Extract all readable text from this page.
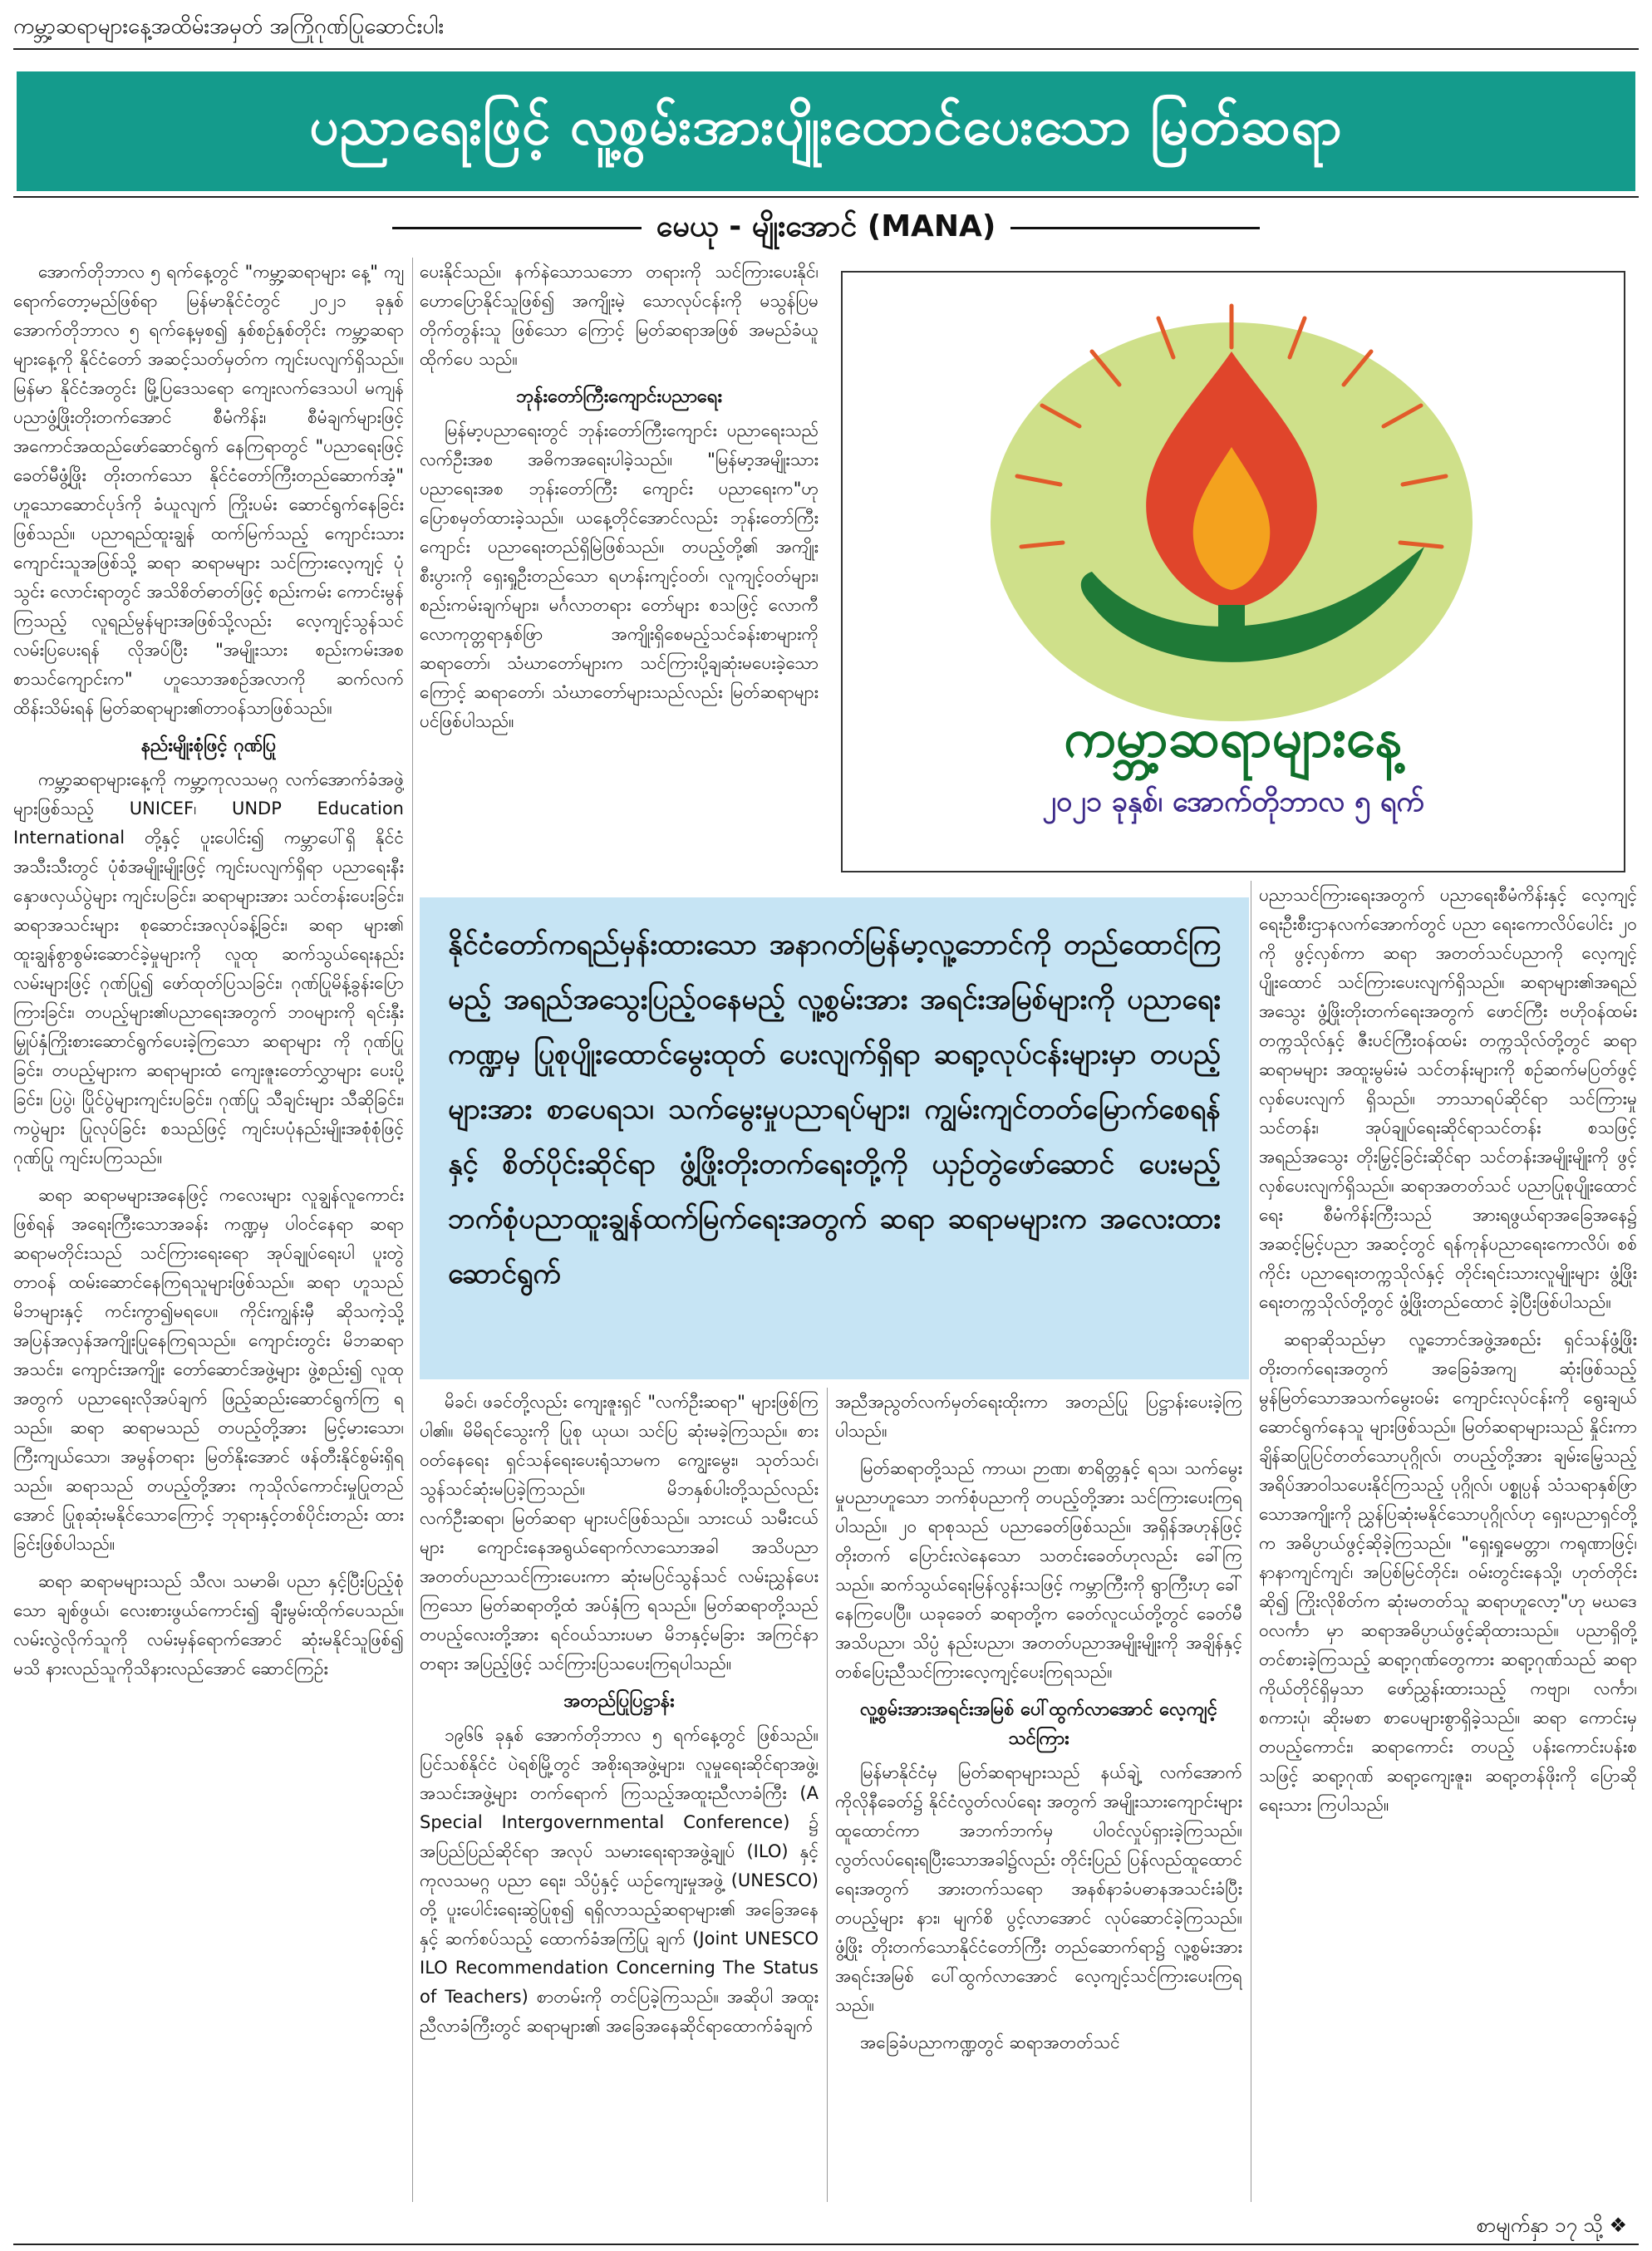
ကမ္ဘာ့ဆရာများနေ့အထိမ်းအမှတ် အကြိုဂုဏ်ပြုဆောင်းပါး
ပညာရေးဖြင့် လူ့စွမ်းအားပျိုးထောင်ပေးသော မြတ်ဆရာ
မေယု - မျိုးအောင် (MANA)

အောက်တိုဘာလ ၅ ရက်နေ့တွင် "ကမ္ဘာ့ဆရာများ နေ့" ကျရောက်တော့မည်ဖြစ်ရာ မြန်မာနိုင်ငံတွင် ၂၀၂၁ ခုနှစ် အောက်တိုဘာလ ၅ ရက်နေ့မှစ၍ နှစ်စဉ်နှစ်တိုင်း ကမ္ဘာ့ဆရာများနေ့ကို နိုင်ငံတော် အဆင့်သတ်မှတ်က ကျင်းပလျက်ရှိသည်။ မြန်မာ နိုင်ငံအတွင်း မြို့ပြဒေသရော ကျေးလက်ဒေသပါ မကျန် ပညာဖွံ့ဖြိုးတိုးတက်အောင် စီမံကိန်း၊ စီမံချက်များဖြင့် အကောင်အထည်ဖော်ဆောင်ရွက် နေကြရာတွင် "ပညာရေးဖြင့် ခေတ်မီဖွံ့ဖြိုး တိုးတက်သော နိုင်ငံတော်ကြီးတည်ဆောက်အံ့" ဟူသောဆောင်ပုဒ်ကို ခံယူလျက် ကြိုးပမ်း ဆောင်ရွက်နေခြင်းဖြစ်သည်။ ပညာရည်ထူးချွန် ထက်မြက်သည့် ကျောင်းသား ကျောင်းသူအဖြစ်သို့ ဆရာ ဆရာမများ သင်ကြားလေ့ကျင့် ပုံသွင်း လောင်းရာတွင် အသိစိတ်ဓာတ်ဖြင့် စည်းကမ်း ကောင်းမွန်ကြသည့် လူရည်မွန်များအဖြစ်သို့လည်း လေ့ကျင့်သွန်သင်လမ်းပြပေးရန် လိုအပ်ပြီး "အမျိုးသား စည်းကမ်းအစ စာသင်ကျောင်းက" ဟူသောအစဉ်အလာကို ဆက်လက်ထိန်းသိမ်းရန် မြတ်ဆရာများ၏တာဝန်သာဖြစ်သည်။

နည်းမျိုးစုံဖြင့် ဂုဏ်ပြု

ကမ္ဘာ့ဆရာများနေ့ကို ကမ္ဘာ့ကုလသမဂ္ဂ လက်အောက်ခံအဖွဲ့များဖြစ်သည့် UNICEF၊ UNDP Education International တို့နှင့် ပူးပေါင်း၍ ကမ္ဘာပေါ်ရှိ နိုင်ငံအသီးသီးတွင် ပုံစံအမျိုးမျိုးဖြင့် ကျင်းပလျက်ရှိရာ ပညာရေးနီးနှောဖလှယ်ပွဲများ ကျင်းပခြင်း၊ ဆရာများအား သင်တန်းပေးခြင်း၊ ဆရာအသင်းများ စုဆောင်းအလုပ်ခန့်ခြင်း၊ ဆရာ များ၏ ထူးချွန်စွာစွမ်းဆောင်ခဲ့မှုများကို လူထု ဆက်သွယ်ရေးနည်းလမ်းများဖြင့် ဂုဏ်ပြု၍ ဖော်ထုတ်ပြသခြင်း၊ ဂုဏ်ပြုမိန့်ခွန်းပြောကြားခြင်း၊ တပည့်များ၏ပညာရေးအတွက် ဘဝများကို ရင်းနှီး မြှုပ်နှံကြိုးစားဆောင်ရွက်ပေးခဲ့ကြသော ဆရာများ ကို ဂုဏ်ပြုခြင်း၊ တပည့်များက ဆရာများထံ ကျေးဇူးတော်လွှာများ ပေးပို့ခြင်း၊ ပြပွဲ၊ ပြိုင်ပွဲများကျင်းပခြင်း၊ ဂုဏ်ပြု သီချင်းများ သီဆိုခြင်း၊ ကပွဲများ ပြုလုပ်ခြင်း စသည်ဖြင့် ကျင်းပပုံနည်းမျိုးအစုံစုံဖြင့် ဂုဏ်ပြု ကျင်းပကြသည်။

ဆရာ ဆရာမများအနေဖြင့် ကလေးများ လူချွန်လူကောင်းဖြစ်ရန် အရေးကြီးသောအခန်း ကဏ္ဍမှ ပါဝင်နေရာ ဆရာ ဆရာမတိုင်းသည် သင်ကြားရေးရော အုပ်ချုပ်ရေးပါ ပူးတွဲတာဝန် ထမ်းဆောင်နေကြရသူများဖြစ်သည်။ ဆရာ ဟူသည် မိဘများနှင့် ကင်းကွာ၍မရပေ။ ကိုင်းကျွန်းမှီ ဆိုသကဲ့သို့ အပြန်အလှန်အကျိုးပြုနေကြရသည်။ ကျောင်းတွင်း မိဘဆရာအသင်း၊ ကျောင်းအကျိုး တော်ဆောင်အဖွဲ့များ ဖွဲ့စည်း၍ လူထုအတွက် ပညာရေးလိုအပ်ချက် ဖြည့်ဆည်းဆောင်ရွက်ကြ ရသည်။ ဆရာ ဆရာမသည် တပည့်တို့အား မြင့်မားသော၊ ကြီးကျယ်သော၊ အမွန်တရား မြတ်နိုးအောင် ဖန်တီးနိုင်စွမ်းရှိရသည်။ ဆရာသည် တပည့်တို့အား ကုသိုလ်ကောင်းမှုပြုတည်အောင် ပြုစုဆုံးမနိုင်သောကြောင့် ဘုရားနှင့်တစ်ပိုင်းတည်း ထားခြင်းဖြစ်ပါသည်။

ဆရာ ဆရာမများသည် သီလ၊ သမာဓိ၊ ပညာ နှင့်ပြီးပြည့်စုံသော ချစ်ဖွယ်၊ လေးစားဖွယ်ကောင်း၍ ချီးမွမ်းထိုက်ပေသည်။ လမ်းလွဲလိုက်သူကို လမ်းမှန်ရောက်အောင် ဆုံးမနိုင်သူဖြစ်၍ မသိ နားလည်သူကိုသိနားလည်အောင် ဆောင်ကြဉ်း

ပေးနိုင်သည်။ နက်နဲသောသဘော တရားကို သင်ကြားပေးနိုင်၊ ဟောပြောနိုင်သူဖြစ်၍ အကျိုးမဲ့ သောလုပ်ငန်းကို မသွန်ပြမတိုက်တွန်းသူ ဖြစ်သော ကြောင့် မြတ်ဆရာအဖြစ် အမည်ခံယူထိုက်ပေ သည်။

ဘုန်းတော်ကြီးကျောင်းပညာရေး

မြန်မာ့ပညာရေးတွင် ဘုန်းတော်ကြီးကျောင်း ပညာရေးသည် လက်ဦးအစ အဓိကအရေးပါခဲ့သည်။ "မြန်မာ့အမျိုးသား ပညာရေးအစ ဘုန်းတော်ကြီး ကျောင်း ပညာရေးက"ဟု ပြောစမှတ်ထားခဲ့သည်။ ယနေ့တိုင်အောင်လည်း ဘုန်းတော်ကြီးကျောင်း ပညာရေးတည်ရှိမြဲဖြစ်သည်။ တပည့်တို့၏ အကျိုး စီးပွားကို ရှေးရှုဦးတည်သော ရဟန်းကျင့်ဝတ်၊ လူကျင့်ဝတ်များ၊ စည်းကမ်းချက်များ၊ မင်္ဂလာတရား တော်များ စသဖြင့် လောကီ လောကုတ္တရာနှစ်ဖြာ အကျိုးရှိစေမည့်သင်ခန်းစာများကို ဆရာတော်၊ သံဃာတော်များက သင်ကြားပို့ချဆုံးမပေးခဲ့သော ကြောင့် ဆရာတော်၊ သံဃာတော်များသည်လည်း မြတ်ဆရာများပင်ဖြစ်ပါသည်။	ကမ္ဘာ့ဆရာများနေ့
၂၀၂၁ ခုနှစ်၊ အောက်တိုဘာလ ၅ ရက်
နိုင်ငံတော်ကရည်မှန်းထားသော အနာဂတ်မြန်မာ့လူ့ဘောင်ကို တည်ထောင်ကြမည့် အရည်အသွေးပြည့်ဝနေမည့် လူ့စွမ်းအား အရင်းအမြစ်များကို ပညာရေးကဏ္ဍမှ ပြုစုပျိုးထောင်မွေးထုတ် ပေးလျက်ရှိရာ ဆရာ့လုပ်ငန်းများမှာ တပည့်များအား စာပေရသ၊ သက်မွေးမှုပညာရပ်များ၊ ကျွမ်းကျင်တတ်မြောက်စေရန်နှင့် စိတ်ပိုင်းဆိုင်ရာ ဖွံ့ဖြိုးတိုးတက်ရေးတို့ကို ယှဉ်တွဲဖော်ဆောင် ပေးမည့် ဘက်စုံပညာထူးချွန်ထက်မြက်ရေးအတွက် ဆရာ ဆရာမများက အလေးထားဆောင်ရွက်

မိခင်၊ ဖခင်တို့လည်း ကျေးဇူးရှင် "လက်ဦးဆရာ" များဖြစ်ကြပါ၏။ မိမိရင်သွေးကို ပြုစု ယုယ၊ သင်ပြ ဆုံးမခဲ့ကြသည်။ စားဝတ်နေရေး ရှင်သန်ရေးပေးရုံသာမက ကျွေးမွေး၊ သုတ်သင်၊ သွန်သင်ဆုံးမပြခဲ့ကြသည်။ မိဘနှစ်ပါးတို့သည်လည်း လက်ဦးဆရာ၊ မြတ်ဆရာ များပင်ဖြစ်သည်။ သားငယ် သမီးငယ်များ ကျောင်းနေအရွယ်ရောက်လာသောအခါ အသိပညာ အတတ်ပညာသင်ကြားပေးကာ ဆုံးမပြင်သွန်သင် လမ်းညွှန်ပေးကြသော မြတ်ဆရာတို့ထံ အပ်နှံကြ ရသည်။ မြတ်ဆရာတို့သည် တပည့်လေးတို့အား ရင်ဝယ်သားပမာ မိဘနှင့်မခြား အကြင်နာတရား အပြည့်ဖြင့် သင်ကြားပြသပေးကြရပါသည်။

အတည်ပြုပြဋ္ဌာန်း

၁၉၆၆ ခုနှစ် အောက်တိုဘာလ ၅ ရက်နေ့တွင် ဖြစ်သည်။ ပြင်သစ်နိုင်ငံ ပဲရစ်မြို့တွင် အစိုးရအဖွဲ့များ၊ လူမှုရေးဆိုင်ရာအဖွဲ့၊ အသင်းအဖွဲ့များ တက်ရောက် ကြသည့်အထူးညီလာခံကြီး (A Special Intergovernmental Conference) ၌ အပြည်ပြည်ဆိုင်ရာ အလုပ် သမားရေးရာအဖွဲ့ချုပ် (ILO) နှင့် ကုလသမဂ္ဂ ပညာ ရေး၊ သိပ္ပံနှင့် ယဉ်ကျေးမှုအဖွဲ့ (UNESCO) တို့ ပူးပေါင်းရေးဆွဲပြုစု၍ ရရှိလာသည့်ဆရာများ၏ အခြေအနေနှင့် ဆက်စပ်သည့် ထောက်ခံအကြံပြု ချက် (Joint UNESCO ILO Recommendation Concerning The Status of Teachers) စာတမ်းကို တင်ပြခဲ့ကြသည်။ အဆိုပါ အထူးညီလာခံကြီးတွင် ဆရာများ၏ အခြေအနေဆိုင်ရာထောက်ခံချက်

အညီအညွတ်လက်မှတ်ရေးထိုးကာ အတည်ပြု ပြဋ္ဌာန်းပေးခဲ့ကြပါသည်။

မြတ်ဆရာတို့သည် ကာယ၊ ဉာဏ၊ စာရိတ္တနှင့် ရသ၊ သက်မွေးမှုပညာဟူသော ဘက်စုံပညာကို တပည့်တို့အား သင်ကြားပေးကြရပါသည်။ ၂၀ ရာစုသည် ပညာခေတ်ဖြစ်သည်။ အရှိန်အဟုန်ဖြင့် တိုးတက် ပြောင်းလဲနေသော သတင်းခေတ်ဟုလည်း ခေါ်ကြ သည်။ ဆက်သွယ်ရေးမြန်လွန်းသဖြင့် ကမ္ဘာကြီးကို ရွာကြီးဟု ခေါ်နေကြပေပြီ။ ယခုခေတ် ဆရာတို့က ခေတ်လူငယ်တို့တွင် ခေတ်မီအသိပညာ၊ သိပ္ပံ နည်းပညာ၊ အတတ်ပညာအမျိုးမျိုးကို အချိန်နှင့် တစ်ပြေးညီသင်ကြားလေ့ကျင့်ပေးကြရသည်။

လူ့စွမ်းအားအရင်းအမြစ် ပေါ်ထွက်လာအောင် လေ့ကျင့်သင်ကြား

မြန်မာနိုင်ငံမှ မြတ်ဆရာများသည် နယ်ချဲ့ လက်အောက် ကိုလိုနီခေတ်၌ နိုင်ငံလွတ်လပ်ရေး အတွက် အမျိုးသားကျောင်းများ ထူထောင်ကာ အဘက်ဘက်မှ ပါဝင်လှုပ်ရှားခဲ့ကြသည်။ လွတ်လပ်ရေးရပြီးသောအခါ၌လည်း တိုင်းပြည် ပြန်လည်ထူထောင်ရေးအတွက် အားတက်သရော အနစ်နာခံပဓာနအသင်းခံပြီး တပည့်များ နား၊ မျက်စိ ပွင့်လာအောင် လုပ်ဆောင်ခဲ့ကြသည်။ ဖွံ့ဖြိုး တိုးတက်သောနိုင်ငံတော်ကြီး တည်ဆောက်ရာ၌ လူ့စွမ်းအားအရင်းအမြစ် ပေါ်ထွက်လာအောင် လေ့ကျင့်သင်ကြားပေးကြရသည်။

အခြေခံပညာကဏ္ဍတွင် ဆရာအတတ်သင်

ပညာသင်ကြားရေးအတွက် ပညာရေးစီမံကိန်းနှင့် လေ့ကျင့်ရေးဦးစီးဌာနလက်အောက်တွင် ပညာ ရေးကောလိပ်ပေါင်း ၂၀ ကို ဖွင့်လှစ်ကာ ဆရာ အတတ်သင်ပညာကို လေ့ကျင့်ပျိုးထောင် သင်ကြားပေးလျက်ရှိသည်။ ဆရာများ၏အရည် အသွေး ဖွံ့ဖြိုးတိုးတက်ရေးအတွက် ဖောင်ကြီး ဗဟိုဝန်ထမ်းတက္ကသိုလ်နှင့် ဇီးပင်ကြီးဝန်ထမ်း တက္ကသိုလ်တို့တွင် ဆရာ ဆရာမများ အထူးမွမ်းမံ သင်တန်းများကို စဉ်ဆက်မပြတ်ဖွင့်လှစ်ပေးလျက် ရှိသည်။ ဘာသာရပ်ဆိုင်ရာ သင်ကြားမှုသင်တန်း၊ အုပ်ချုပ်ရေးဆိုင်ရာသင်တန်း စသဖြင့်အရည်အသွေး တိုးမြှင့်ခြင်းဆိုင်ရာ သင်တန်းအမျိုးမျိုးကို ဖွင့်လှစ်ပေးလျက်ရှိသည်။ ဆရာအတတ်သင် ပညာပြုစုပျိုးထောင်ရေး စီမံကိန်းကြီးသည် အားရဖွယ်ရာအခြေအနေ၌ အဆင့်မြင့်ပညာ အဆင့်တွင် ရန်ကုန်ပညာရေးကောလိပ်၊ စစ်ကိုင်း ပညာရေးတက္ကသိုလ်နှင့် တိုင်းရင်းသားလူမျိုးများ ဖွံ့ဖြိုးရေးတက္ကသိုလ်တို့တွင် ဖွံ့ဖြိုးတည်ထောင် ခဲ့ပြီးဖြစ်ပါသည်။

ဆရာဆိုသည်မှာ လူ့ဘောင်အဖွဲ့အစည်း ရှင်သန်ဖွံ့ဖြိုးတိုးတက်ရေးအတွက် အခြေခံအကျ ဆုံးဖြစ်သည့် မွန်မြတ်သောအသက်မွေးဝမ်း ကျောင်းလုပ်ငန်းကို ရွေးချယ်ဆောင်ရွက်နေသူ များဖြစ်သည်။ မြတ်ဆရာများသည် နှိုင်းကာ ချိန်ဆပြုပြင်တတ်သောပုဂ္ဂိုလ်၊ တပည့်တို့အား ချမ်းမြေ့သည့် အရိပ်အာဝါသပေးနိုင်ကြသည့် ပုဂ္ဂိုလ်၊ ပစ္စုပ္ပန် သံသရာနှစ်ဖြာသောအကျိုးကို ညွှန်ပြဆုံးမနိုင်သောပုဂ္ဂိုလ်ဟု ရှေးပညာရှင်တို့က အဓိပ္ပာယ်ဖွင့်ဆိုခဲ့ကြသည်။ "ရှေးရှုမေတ္တာ၊ ကရုဏာဖြင့်၊ နာနာကျင်ကျင်၊ အပြစ်မြင်တိုင်း၊ ဝမ်းတွင်းနေသို့၊ ဟုတ်တိုင်းဆို၍ ကြိုးလိုစိတ်က ဆုံးမတတ်သူ ဆရာဟူလော့"ဟု မဃဒေဝလင်္ကာ မှာ ဆရာအဓိပ္ပာယ်ဖွင့်ဆိုထားသည်။ ပညာရှိတို့ တင်စားခဲ့ကြသည့် ဆရာ့ဂုဏ်တွေကား ဆရာ့ဂုဏ်သည် ဆရာ ကိုယ်တိုင်ရှိမှသာ ဖော်ညွှန်းထားသည့် ကဗျာ၊ လင်္ကာ၊ စကားပုံ၊ ဆိုးမစာ စာပေများစွာရှိခဲ့သည်။ ဆရာ ကောင်းမှ တပည့်ကောင်း၊ ဆရာကောင်း တပည့် ပန်းကောင်းပန်းစသဖြင့် ဆရာ့ဂုဏ် ဆရာ့ကျေးဇူး၊ ဆရာ့တန်ဖိုးကို ပြောဆိုရေးသား ကြပါသည်။

စာမျက်နှာ ၁၇ သို့ ❖
